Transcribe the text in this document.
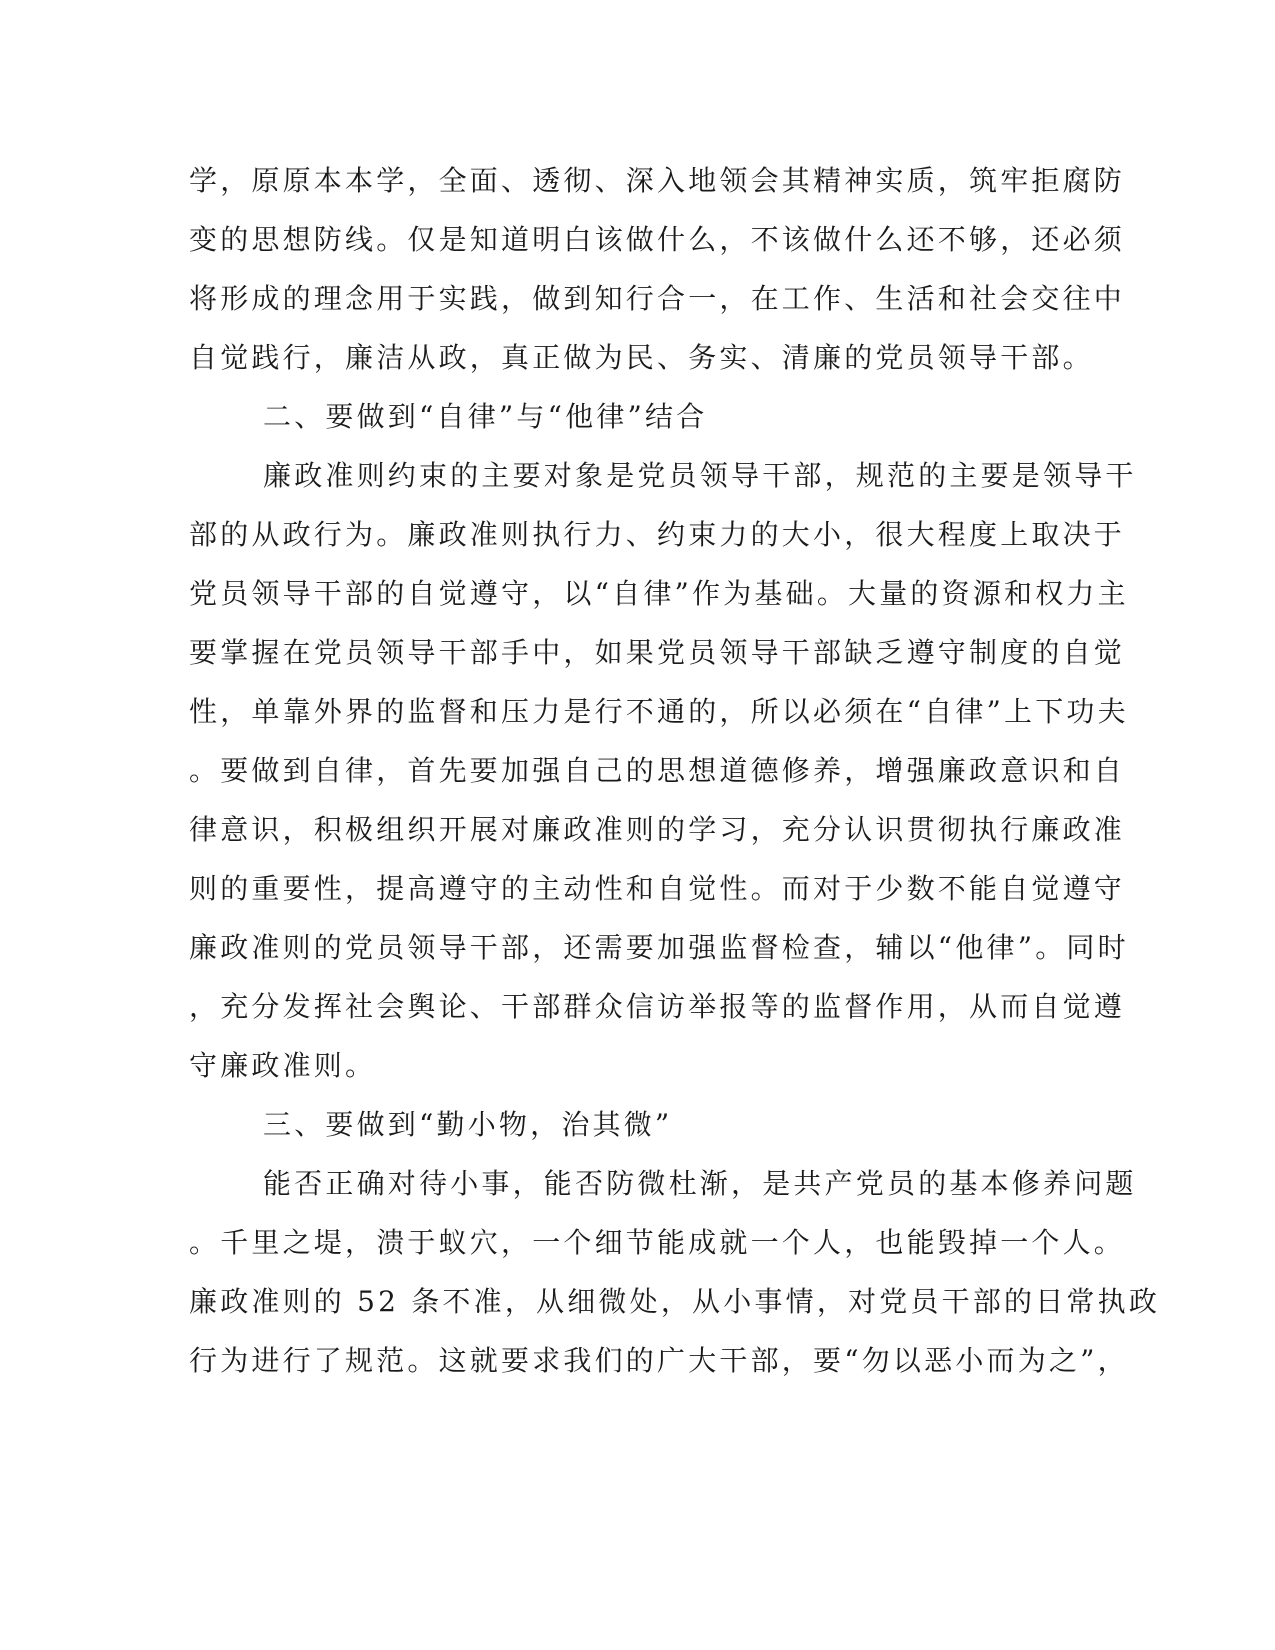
学，原原本本学，全面、透彻、深入地领会其精神实质，筑牢拒腐防
变的思想防线。仅是知道明白该做什么，不该做什么还不够，还必须
将形成的理念用于实践，做到知行合一，在工作、生活和社会交往中
自觉践行，廉洁从政，真正做为民、务实、清廉的党员领导干部。
二、要做到“自律”与“他律”结合
廉政准则约束的主要对象是党员领导干部，规范的主要是领导干
部的从政行为。廉政准则执行力、约束力的大小，很大程度上取决于
党员领导干部的自觉遵守，以“自律”作为基础。大量的资源和权力主
要掌握在党员领导干部手中，如果党员领导干部缺乏遵守制度的自觉
性，单靠外界的监督和压力是行不通的，所以必须在“自律”上下功夫
。要做到自律，首先要加强自己的思想道德修养，增强廉政意识和自
律意识，积极组织开展对廉政准则的学习，充分认识贯彻执行廉政准
则的重要性，提高遵守的主动性和自觉性。而对于少数不能自觉遵守
廉政准则的党员领导干部，还需要加强监督检查，辅以“他律”。同时
，充分发挥社会舆论、干部群众信访举报等的监督作用，从而自觉遵
守廉政准则。
三、要做到“勤小物，治其微”
能否正确对待小事，能否防微杜渐，是共产党员的基本修养问题
。千里之堤，溃于蚁穴，一个细节能成就一个人，也能毁掉一个人。
廉政准则的 52 条不准，从细微处，从小事情，对党员干部的日常执政
行为进行了规范。这就要求我们的广大干部，要“勿以恶小而为之”，
